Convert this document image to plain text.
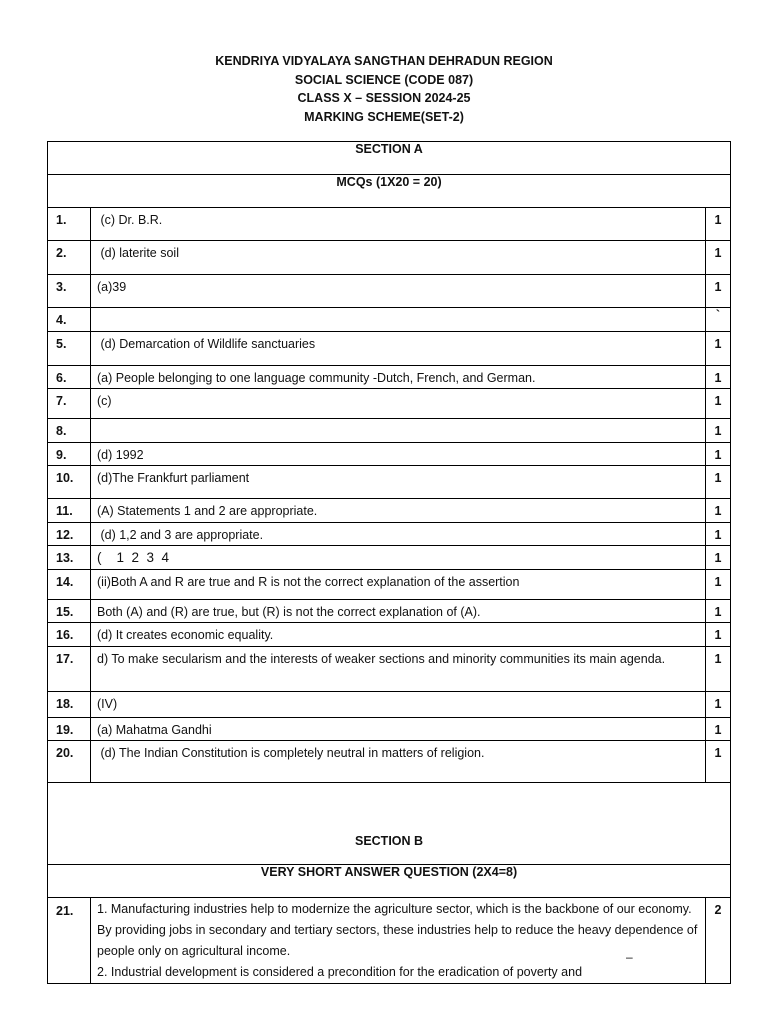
KENDRIYA VIDYALAYA SANGTHAN DEHRADUN REGION
SOCIAL SCIENCE (CODE 087)
CLASS X – SESSION 2024-25
MARKING SCHEME(SET-2)
SECTION A		
MCQs (1X20 = 20)		
1.	(c) Dr. B.R.	1
2.	(d) laterite soil	1
3.	(a)39	1
4.		`
5.	(d) Demarcation of Wildlife sanctuaries	1
6.	(a) People belonging to one language community -Dutch, French, and German.	1
7.	(c)	1
8.		1
9.	(d) 1992	1
10.	(d)The Frankfurt parliament	1
11.	(A) Statements 1 and 2 are appropriate.	1
12.	(d) 1,2 and 3 are appropriate.	1
13.	(    1  2  3  4	1
14.	(ii)Both A and R are true and R is not the correct explanation of the assertion	1
15.	Both (A) and (R) are true, but (R) is not the correct explanation of (A).	1
16.	(d) It creates economic equality.	1
17.	d) To make secularism and the interests of weaker sections and minority communities its main agenda.	1
18.	(IV)	1
19.	(a) Mahatma Gandhi	1
20.	(d) The Indian Constitution is completely neutral in matters of religion.	1
SECTION B		
VERY SHORT ANSWER QUESTION (2X4=8)		
21.	1. Manufacturing industries help to modernize the agriculture sector, which is the backbone of our economy. By providing jobs in secondary and tertiary sectors, these industries help to reduce the heavy dependence of people only on agricultural income.
2. Industrial development is considered a precondition for the eradication of poverty and	2
–
